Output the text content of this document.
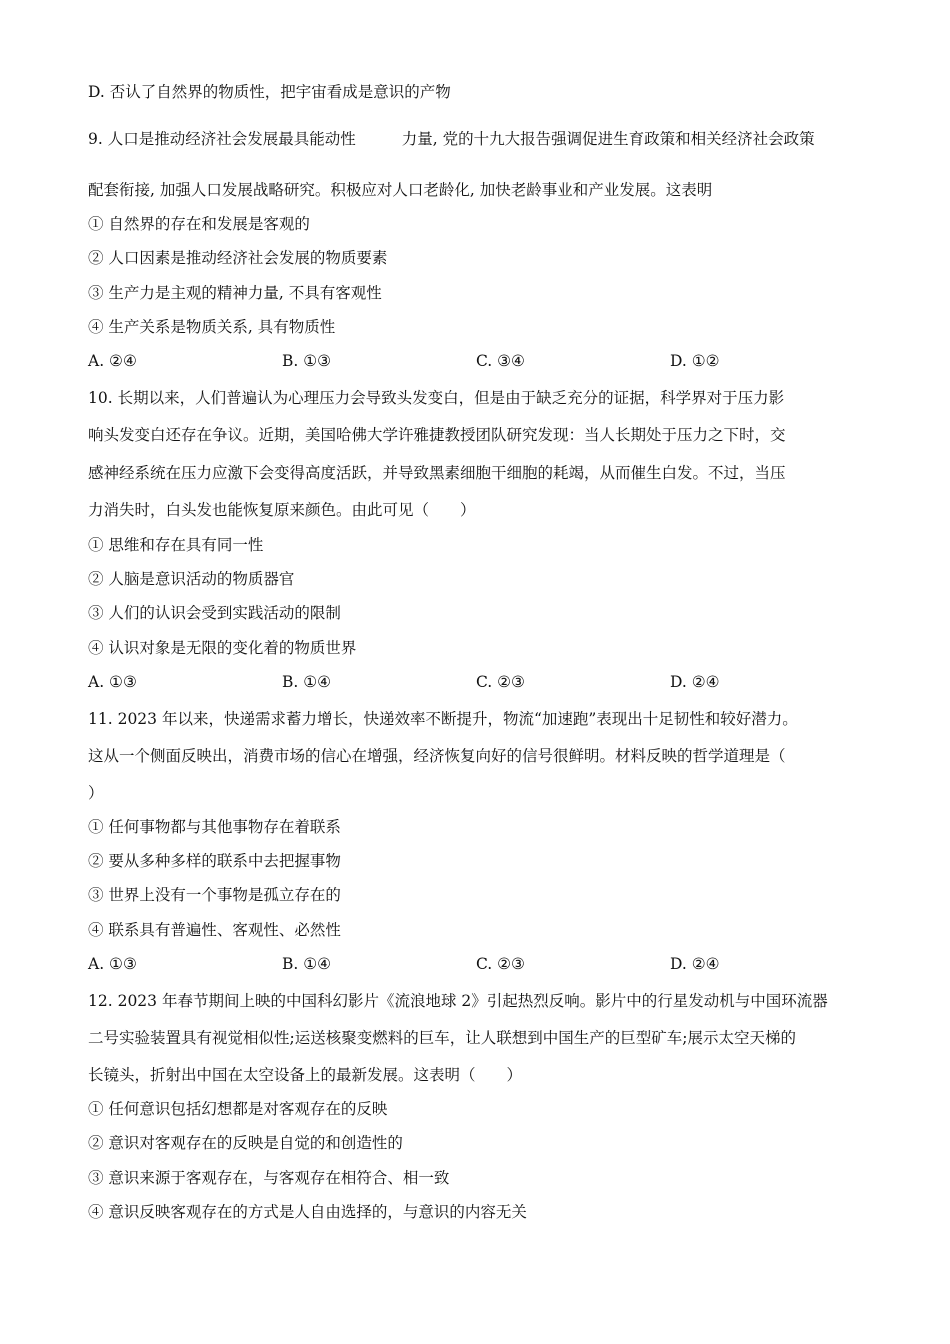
D. 否认了自然界的物质性，把宇宙看成是意识的产物
9. 人口是推动经济社会发展最具能动性	力量, 党的十九大报告强调促进生育政策和相关经济社会政策
配套衔接, 加强人口发展战略研究。积极应对人口老龄化, 加快老龄事业和产业发展。这表明
① 自然界的存在和发展是客观的
② 人口因素是推动经济社会发展的物质要素
③ 生产力是主观的精神力量, 不具有客观性
④ 生产关系是物质关系, 具有物质性
A. ②④	B. ①③	C. ③④	D. ①②
10. 长期以来，人们普遍认为心理压力会导致头发变白，但是由于缺乏充分的证据，科学界对于压力影
响头发变白还存在争议。近期，美国哈佛大学许雅捷教授团队研究发现：当人长期处于压力之下时，交
感神经系统在压力应激下会变得高度活跃，并导致黑素细胞干细胞的耗竭，从而催生白发。不过，当压
力消失时，白头发也能恢复原来颜色。由此可见（　　）
① 思维和存在具有同一性
② 人脑是意识活动的物质器官
③ 人们的认识会受到实践活动的限制
④ 认识对象是无限的变化着的物质世界
A. ①③	B. ①④	C. ②③	D. ②④
11. 2023 年以来，快递需求蓄力增长，快递效率不断提升，物流“加速跑”表现出十足韧性和较好潜力。
这从一个侧面反映出，消费市场的信心在增强，经济恢复向好的信号很鲜明。材料反映的哲学道理是（
）
① 任何事物都与其他事物存在着联系
② 要从多种多样的联系中去把握事物
③ 世界上没有一个事物是孤立存在的
④ 联系具有普遍性、客观性、必然性
A. ①③	B. ①④	C. ②③	D. ②④
12. 2023 年春节期间上映的中国科幻影片《流浪地球 2》引起热烈反响。影片中的行星发动机与中国环流器
二号实验装置具有视觉相似性;运送核聚变燃料的巨车，让人联想到中国生产的巨型矿车;展示太空天梯的
长镜头，折射出中国在太空设备上的最新发展。这表明（　　）
① 任何意识包括幻想都是对客观存在的反映
② 意识对客观存在的反映是自觉的和创造性的
③ 意识来源于客观存在，与客观存在相符合、相一致
④ 意识反映客观存在的方式是人自由选择的，与意识的内容无关
